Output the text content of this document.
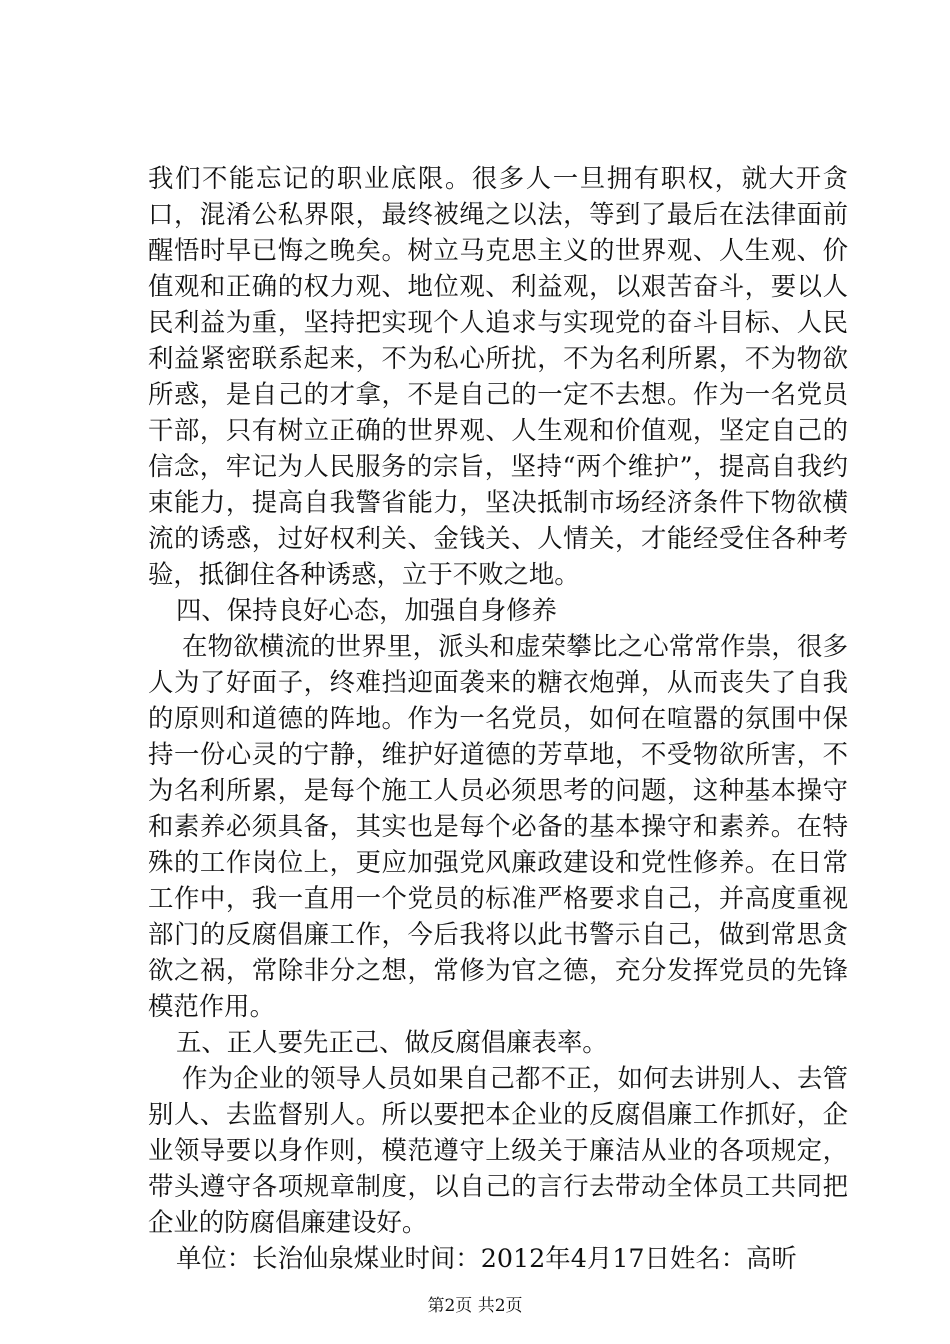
我们不能忘记的职业底限。很多人一旦拥有职权，就大开贪口，混淆公私界限，最终被绳之以法，等到了最后在法律面前醒悟时早已悔之晚矣。树立马克思主义的世界观、人生观、价值观和正确的权力观、地位观、利益观，以艰苦奋斗，要以人民利益为重，坚持把实现个人追求与实现党的奋斗目标、人民利益紧密联系起来，不为私心所扰，不为名利所累，不为物欲所惑，是自己的才拿，不是自己的一定不去想。作为一名党员干部，只有树立正确的世界观、人生观和价值观，坚定自己的信念，牢记为人民服务的宗旨，坚持“两个维护”，提高自我约束能力，提高自我警省能力，坚决抵制市场经济条件下物欲横流的诱惑，过好权利关、金钱关、人情关，才能经受住各种考验，抵御住各种诱惑，立于不败之地。

四、保持良好心态，加强自身修养

在物欲横流的世界里，派头和虚荣攀比之心常常作祟，很多人为了好面子，终难挡迎面袭来的糖衣炮弹，从而丧失了自我的原则和道德的阵地。作为一名党员，如何在喧嚣的氛围中保持一份心灵的宁静，维护好道德的芳草地，不受物欲所害，不为名利所累，是每个施工人员必须思考的问题，这种基本操守和素养必须具备，其实也是每个必备的基本操守和素养。在特殊的工作岗位上，更应加强党风廉政建设和党性修养。在日常工作中，我一直用一个党员的标准严格要求自己，并高度重视部门的反腐倡廉工作，今后我将以此书警示自己，做到常思贪欲之祸，常除非分之想，常修为官之德，充分发挥党员的先锋模范作用。

五、正人要先正己、做反腐倡廉表率。

作为企业的领导人员如果自己都不正，如何去讲别人、去管别人、去监督别人。所以要把本企业的反腐倡廉工作抓好，企业领导要以身作则，模范遵守上级关于廉洁从业的各项规定，带头遵守各项规章制度，以自己的言行去带动全体员工共同把企业的防腐倡廉建设好。

单位：长治仙泉煤业时间：2012年4月17日姓名：高昕

第2页 共2页
